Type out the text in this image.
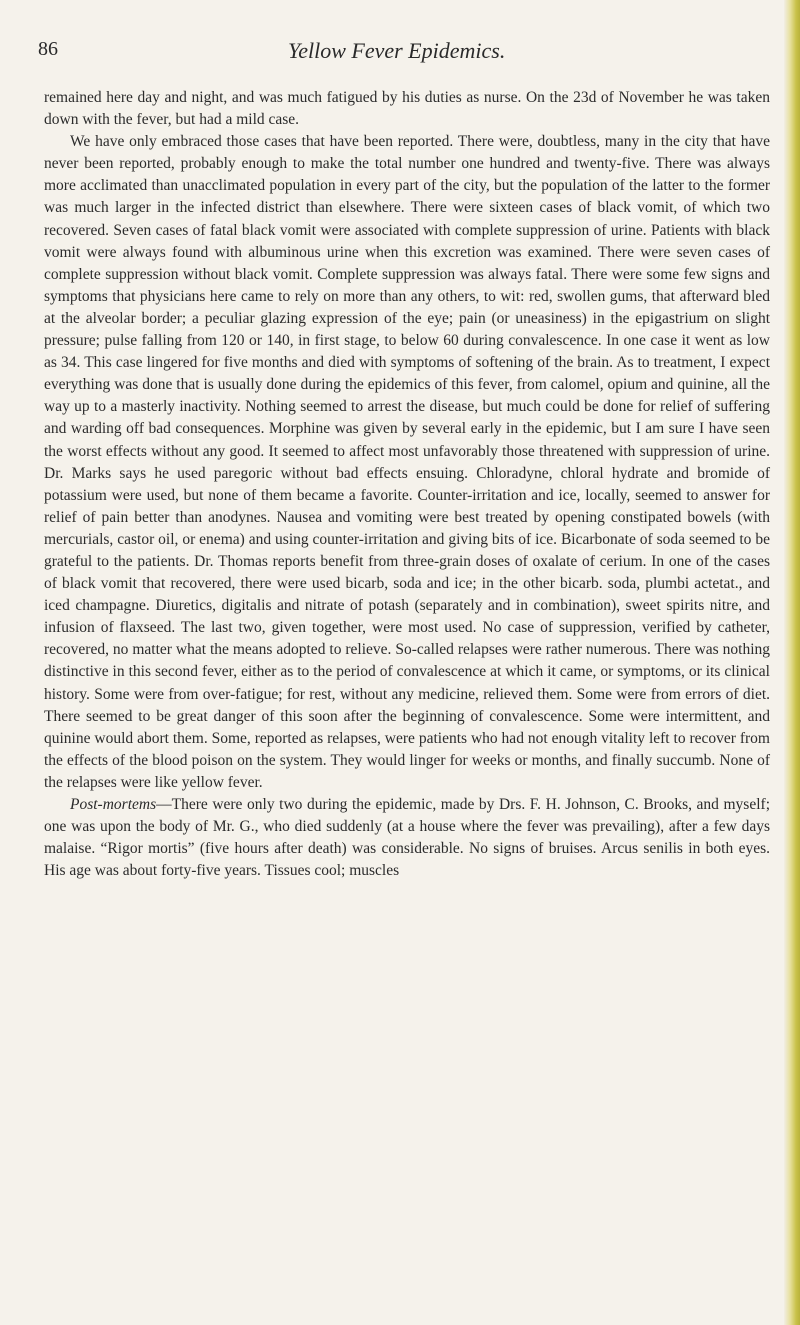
86	Yellow Fever Epidemics.

remained here day and night, and was much fatigued by his duties as nurse. On the 23d of November he was taken down with the fever, but had a mild case.

We have only embraced those cases that have been reported. There were, doubtless, many in the city that have never been reported, probably enough to make the total number one hundred and twenty-five. There was always more acclimated than unacclimated population in every part of the city, but the population of the latter to the former was much larger in the infected district than elsewhere. There were sixteen cases of black vomit, of which two recovered. Seven cases of fatal black vomit were associated with complete suppression of urine. Patients with black vomit were always found with albuminous urine when this excretion was examined. There were seven cases of complete suppression without black vomit. Complete suppression was always fatal. There were some few signs and symptoms that physicians here came to rely on more than any others, to wit: red, swollen gums, that afterward bled at the alveolar border; a peculiar glazing expression of the eye; pain (or uneasiness) in the epigastrium on slight pressure; pulse falling from 120 or 140, in first stage, to below 60 during convalescence. In one case it went as low as 34. This case lingered for five months and died with symptoms of softening of the brain. As to treatment, I expect everything was done that is usually done during the epidemics of this fever, from calomel, opium and quinine, all the way up to a masterly inactivity. Nothing seemed to arrest the disease, but much could be done for relief of suffering and warding off bad consequences. Morphine was given by several early in the epidemic, but I am sure I have seen the worst effects without any good. It seemed to affect most unfavorably those threatened with suppression of urine. Dr. Marks says he used paregoric without bad effects ensuing. Chloradyne, chloral hydrate and bromide of potassium were used, but none of them became a favorite. Counter-irritation and ice, locally, seemed to answer for relief of pain better than anodynes. Nausea and vomiting were best treated by opening constipated bowels (with mercurials, castor oil, or enema) and using counter-irritation and giving bits of ice. Bicarbonate of soda seemed to be grateful to the patients. Dr. Thomas reports benefit from three-grain doses of oxalate of cerium. In one of the cases of black vomit that recovered, there were used bicarb, soda and ice; in the other bicarb. soda, plumbi actetat., and iced champagne. Diuretics, digitalis and nitrate of potash (separately and in combination), sweet spirits nitre, and infusion of flaxseed. The last two, given together, were most used. No case of suppression, verified by catheter, recovered, no matter what the means adopted to relieve. So-called relapses were rather numerous. There was nothing distinctive in this second fever, either as to the period of convalescence at which it came, or symptoms, or its clinical history. Some were from over-fatigue; for rest, without any medicine, relieved them. Some were from errors of diet. There seemed to be great danger of this soon after the beginning of convalescence. Some were intermittent, and quinine would abort them. Some, reported as relapses, were patients who had not enough vitality left to recover from the effects of the blood poison on the system. They would linger for weeks or months, and finally succumb. None of the relapses were like yellow fever.

Post-mortems—There were only two during the epidemic, made by Drs. F. H. Johnson, C. Brooks, and myself; one was upon the body of Mr. G., who died suddenly (at a house where the fever was prevailing), after a few days malaise. “Rigor mortis” (five hours after death) was considerable. No signs of bruises. Arcus senilis in both eyes. His age was about forty-five years. Tissues cool; muscles
